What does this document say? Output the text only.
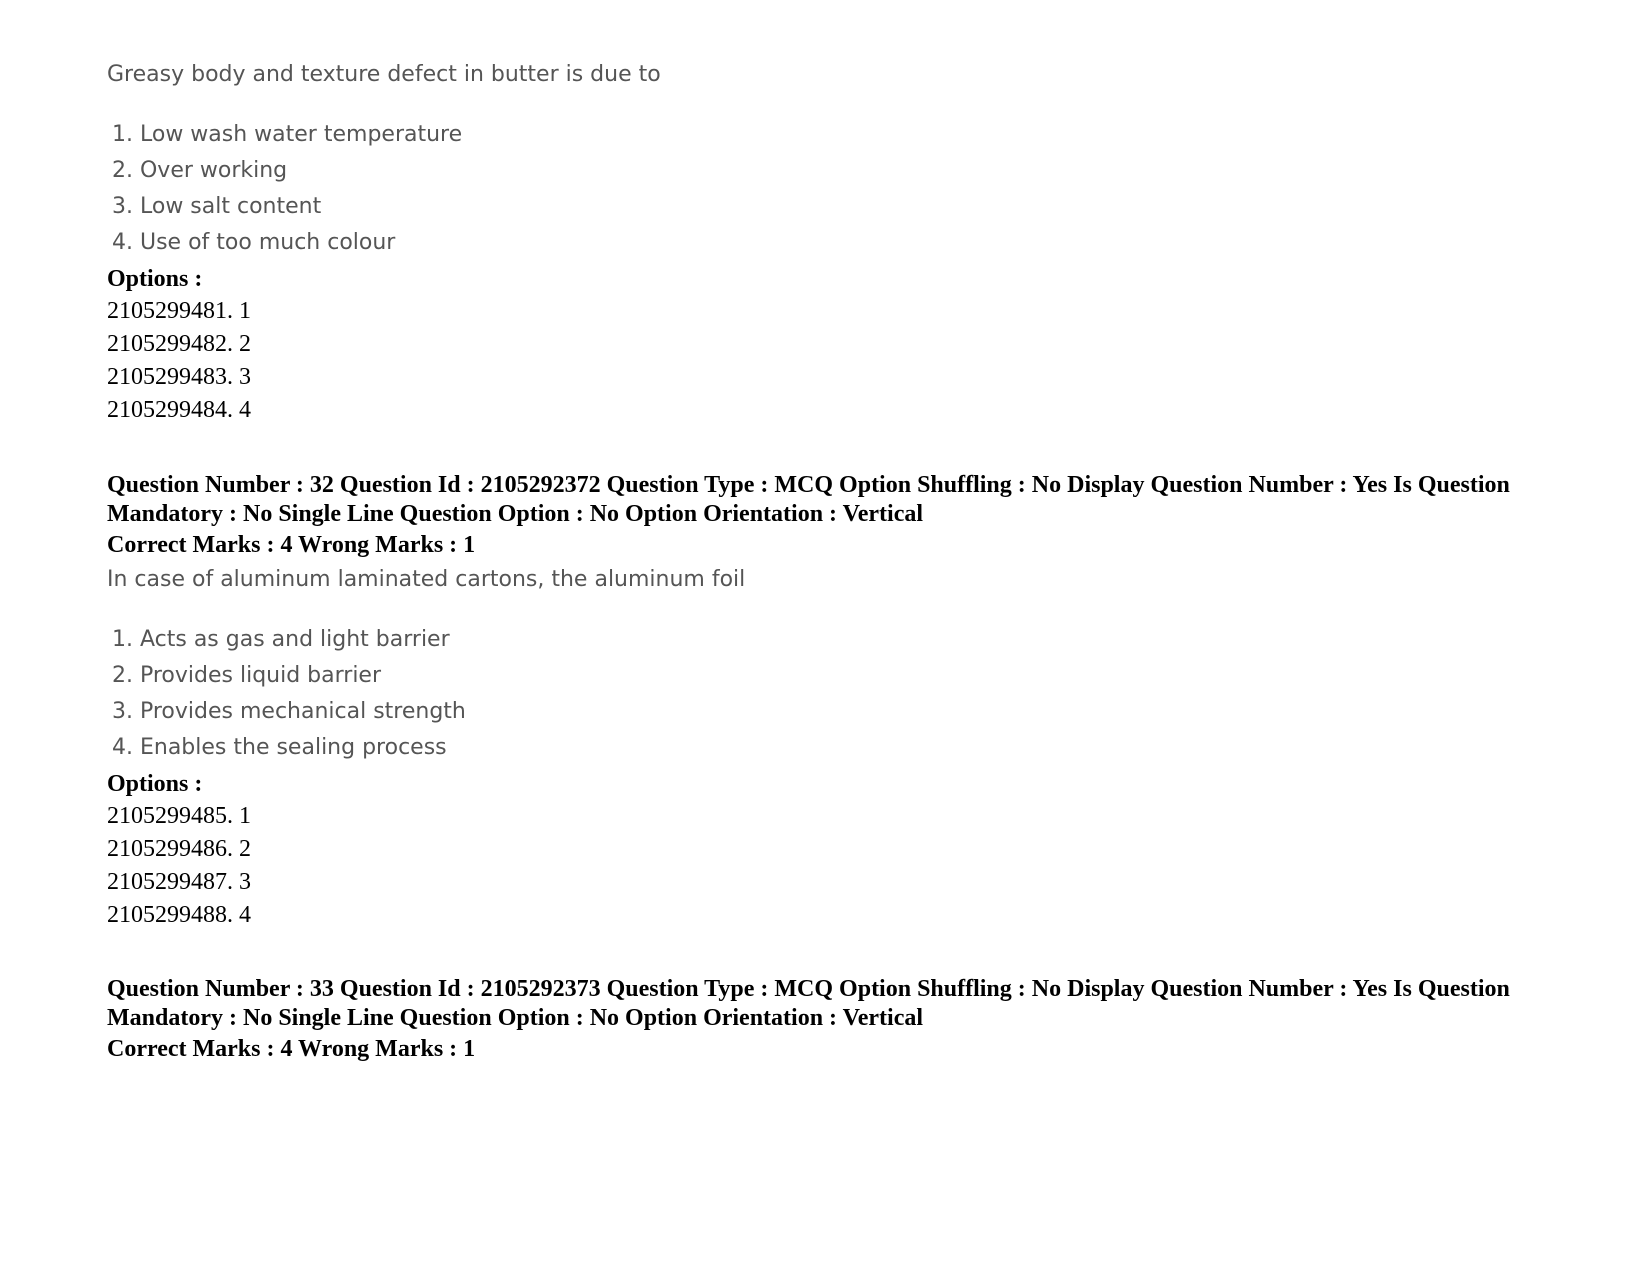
Greasy body and texture defect in butter is due to
1. Low wash water temperature
2. Over working
3. Low salt content
4. Use of too much colour
Options :
2105299481. 1
2105299482. 2
2105299483. 3
2105299484. 4
Question Number : 32 Question Id : 2105292372 Question Type : MCQ Option Shuffling : No Display Question Number : Yes Is Question Mandatory : No Single Line Question Option : No Option Orientation : Vertical
Correct Marks : 4 Wrong Marks : 1
In case of aluminum laminated cartons, the aluminum foil
1. Acts as gas and light barrier
2. Provides liquid barrier
3. Provides mechanical strength
4. Enables the sealing process
Options :
2105299485. 1
2105299486. 2
2105299487. 3
2105299488. 4
Question Number : 33 Question Id : 2105292373 Question Type : MCQ Option Shuffling : No Display Question Number : Yes Is Question Mandatory : No Single Line Question Option : No Option Orientation : Vertical
Correct Marks : 4 Wrong Marks : 1
